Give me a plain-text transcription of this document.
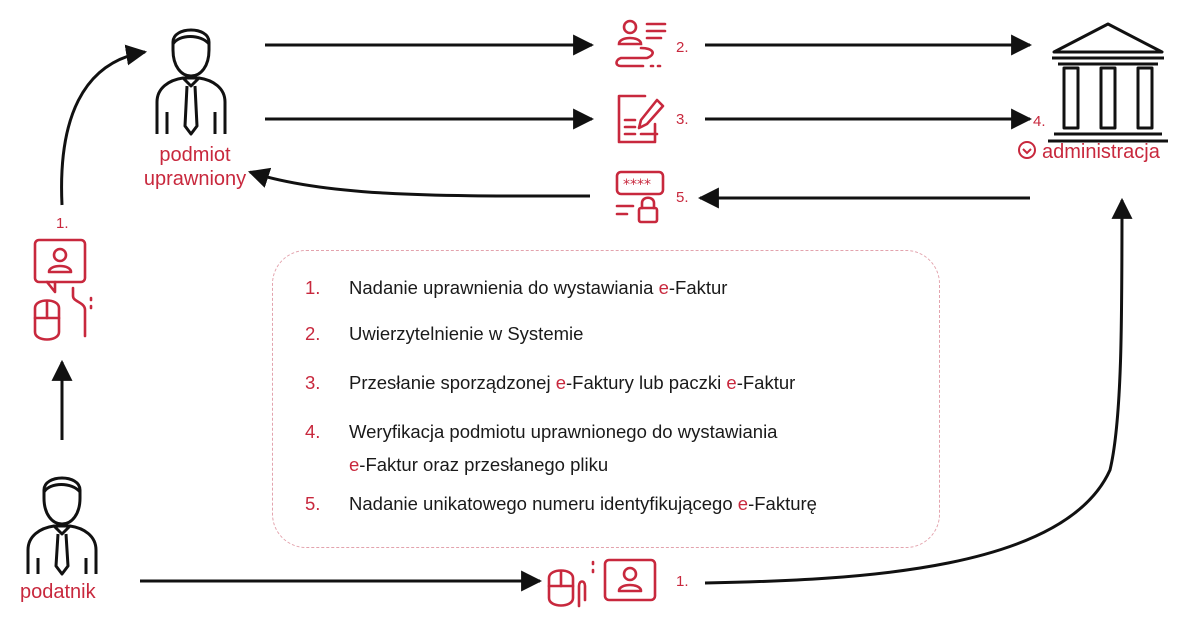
****
podmiot
uprawniony
podatnik
administracja
1.
2.
3.	4.
5.
1.
1. Nadanie uprawnienia do wystawiania e-Faktur
2. Uwierzytelnienie w Systemie
3. Przesłanie sporządzonej e-Faktury lub paczki e-Faktur
4. Weryfikacja podmiotu uprawnionego do wystawiania
e-Faktur oraz przesłanego pliku
5. Nadanie unikatowego numeru identyfikującego e-Fakturę
